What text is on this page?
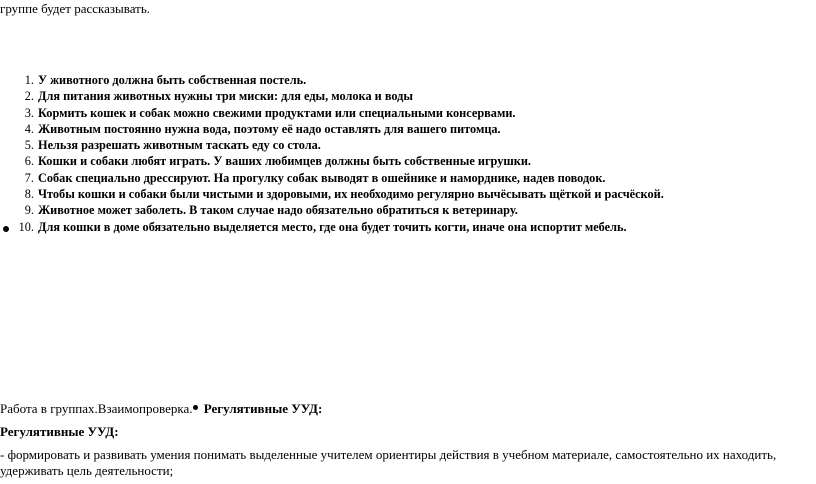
группе будет рассказывать.
1. У животного должна быть собственная постель.
2. Для питания животных нужны три миски: для еды, молока и воды
3. Кормить кошек и собак можно свежими продуктами или специальными консервами.
4. Животным постоянно нужна вода, поэтому её надо оставлять для вашего питомца.
5. Нельзя разрешать животным таскать еду со стола.
6. Кошки и собаки любят играть. У ваших любимцев должны быть собственные игрушки.
7. Собак специально дрессируют. На прогулку собак выводят в ошейнике и наморднике, надев поводок.
8. Чтобы кошки и собаки были чистыми и здоровыми, их необходимо регулярно вычёсывать щёткой и расчёской.
9. Животное может заболеть. В таком случае надо обязательно обратиться к ветеринару.
10. Для кошки в доме обязательно выделяется место, где она будет точить когти, иначе она испортит мебель.
Работа в группах.Взаимопроверка. Регулятивные УУД:
Регулятивные УУД:
- формировать и развивать умения понимать выделенные учителем ориентиры действия в учебном материале, самостоятельно их находить, удерживать цель деятельности;
